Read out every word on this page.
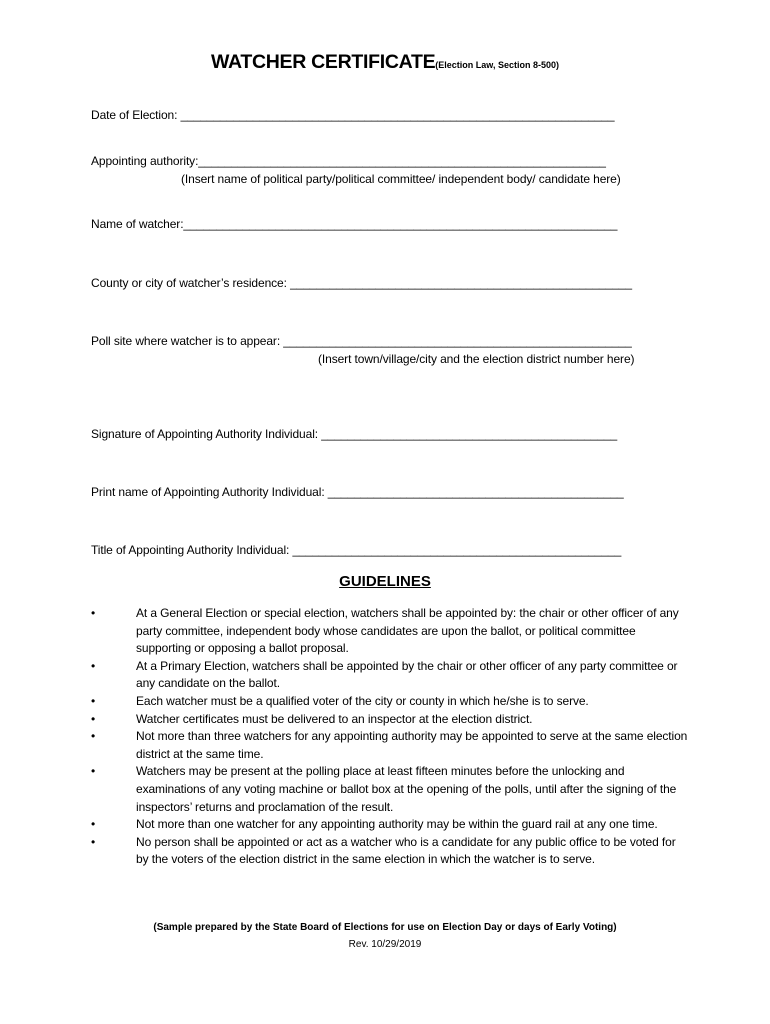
WATCHER CERTIFICATE(Election Law, Section 8-500)
Date of Election: __________________________________________________________________
Appointing authority:______________________________________________________________
(Insert name of political party/political committee/ independent body/ candidate here)
Name of watcher:__________________________________________________________________
County or city of watcher’s residence: ____________________________________________________
Poll site where watcher is to appear: _____________________________________________________
(Insert town/village/city and the election district number here)
Signature of Appointing Authority Individual: _____________________________________________
Print name of Appointing Authority Individual: _____________________________________________
Title of Appointing Authority Individual: __________________________________________________
GUIDELINES
•	At a General Election or special election, watchers shall be appointed by: the chair or other officer of any party committee, independent body whose candidates are upon the ballot, or political committee supporting or opposing a ballot proposal.
•	At a Primary Election, watchers shall be appointed by the chair or other officer of any party committee or any candidate on the ballot.
•	Each watcher must be a qualified voter of the city or county in which he/she is to serve.
•	Watcher certificates must be delivered to an inspector at the election district.
•	Not more than three watchers for any appointing authority may be appointed to serve at the same election district at the same time.
•	Watchers may be present at the polling place at least fifteen minutes before the unlocking and examinations of any voting machine or ballot box at the opening of the polls, until after the signing of the inspectors’ returns and proclamation of the result.
•	Not more than one watcher for any appointing authority may be within the guard rail at any one time.
•	No person shall be appointed or act as a watcher who is a candidate for any public office to be voted for by the voters of the election district in the same election in which the watcher is to serve.
(Sample prepared by the State Board of Elections for use on Election Day or days of Early Voting)
Rev. 10/29/2019
